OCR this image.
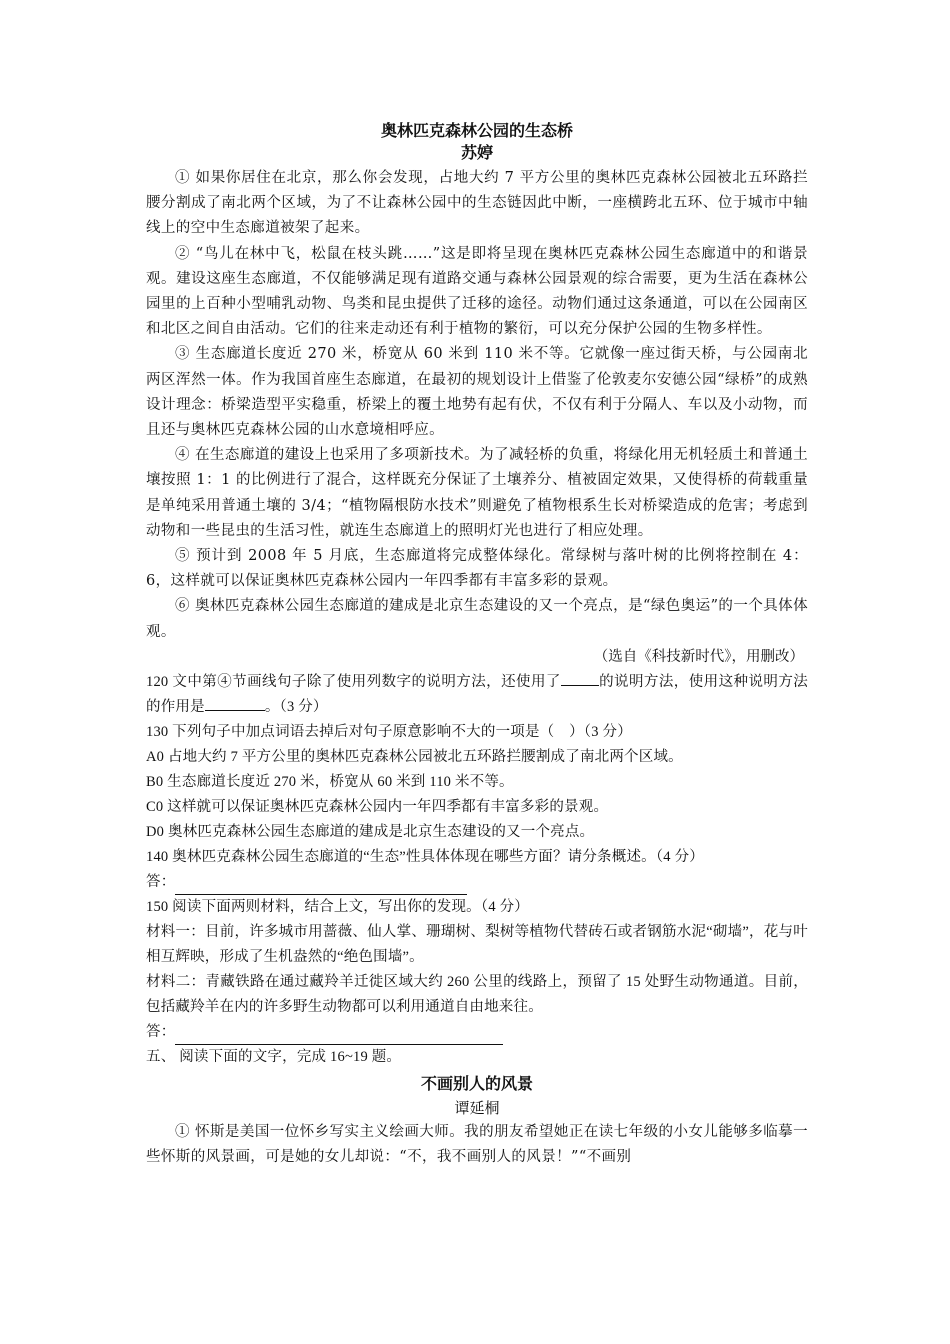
奥林匹克森林公园的生态桥
苏婷

① 如果你居住在北京，那么你会发现，占地大约 7 平方公里的奥林匹克森林公园被北五环路拦腰分割成了南北两个区域，为了不让森林公园中的生态链因此中断，一座横跨北五环、位于城市中轴线上的空中生态廊道被架了起来。

② “鸟儿在林中飞，松鼠在枝头跳……”这是即将呈现在奥林匹克森林公园生态廊道中的和谐景观。建设这座生态廊道，不仅能够满足现有道路交通与森林公园景观的综合需要，更为生活在森林公园里的上百种小型哺乳动物、鸟类和昆虫提供了迁移的途径。动物们通过这条通道，可以在公园南区和北区之间自由活动。它们的往来走动还有利于植物的繁衍，可以充分保护公园的生物多样性。

③ 生态廊道长度近 270 米，桥宽从 60 米到 110 米不等。它就像一座过街天桥，与公园南北两区浑然一体。作为我国首座生态廊道，在最初的规划设计上借鉴了伦敦麦尔安德公园“绿桥”的成熟设计理念：桥梁造型平实稳重，桥梁上的覆土地势有起有伏，不仅有利于分隔人、车以及小动物，而且还与奥林匹克森林公园的山水意境相呼应。

④ 在生态廊道的建设上也采用了多项新技术。为了减轻桥的负重，将绿化用无机轻质土和普通土壤按照 1：1 的比例进行了混合，这样既充分保证了土壤养分、植被固定效果，又使得桥的荷载重量是单纯采用普通土壤的 3/4；“植物隔根防水技术”则避免了植物根系生长对桥梁造成的危害；考虑到动物和一些昆虫的生活习性，就连生态廊道上的照明灯光也进行了相应处理。

⑤ 预计到 2008 年 5 月底，生态廊道将完成整体绿化。常绿树与落叶树的比例将控制在 4：6，这样就可以保证奥林匹克森林公园内一年四季都有丰富多彩的景观。

⑥ 奥林匹克森林公园生态廊道的建成是北京生态建设的又一个亮点，是“绿色奥运”的一个具体体观。

（选自《科技新时代》，用删改）

120 文中第④节画线句子除了使用列数字的说明方法，还使用了	的说明方法，使用这种说明方法的作用是	。（3 分）

130 下列句子中加点词语去掉后对句子原意影响不大的一项是（　）（3 分）

A0 占地大约 7 平方公里的奥林匹克森林公园被北五环路拦腰割成了南北两个区域。

B0 生态廊道长度近 270 米，桥宽从 60 米到 110 米不等。

C0 这样就可以保证奥林匹克森林公园内一年四季都有丰富多彩的景观。

D0 奥林匹克森林公园生态廊道的建成是北京生态建设的又一个亮点。

140 奥林匹克森林公园生态廊道的“生态”性具体体现在哪些方面？请分条概述。（4 分）

答：

150 阅读下面两则材料，结合上文，写出你的发现。（4 分）

材料一：目前，许多城市用蔷薇、仙人掌、珊瑚树、梨树等植物代替砖石或者钢筋水泥“砌墙”，花与叶相互辉映，形成了生机盎然的“绝色围墙”。

材料二：青藏铁路在通过藏羚羊迁徙区域大约 260 公里的线路上，预留了 15 处野生动物通道。目前，包括藏羚羊在内的许多野生动物都可以利用通道自由地来往。

答：

五、 阅读下面的文字，完成 16~19 题。

不画别人的风景
谭延桐

① 怀斯是美国一位怀乡写实主义绘画大师。我的朋友希望她正在读七年级的小女儿能够多临摹一些怀斯的风景画，可是她的女儿却说：“不，我不画别人的风景！”“不画别
